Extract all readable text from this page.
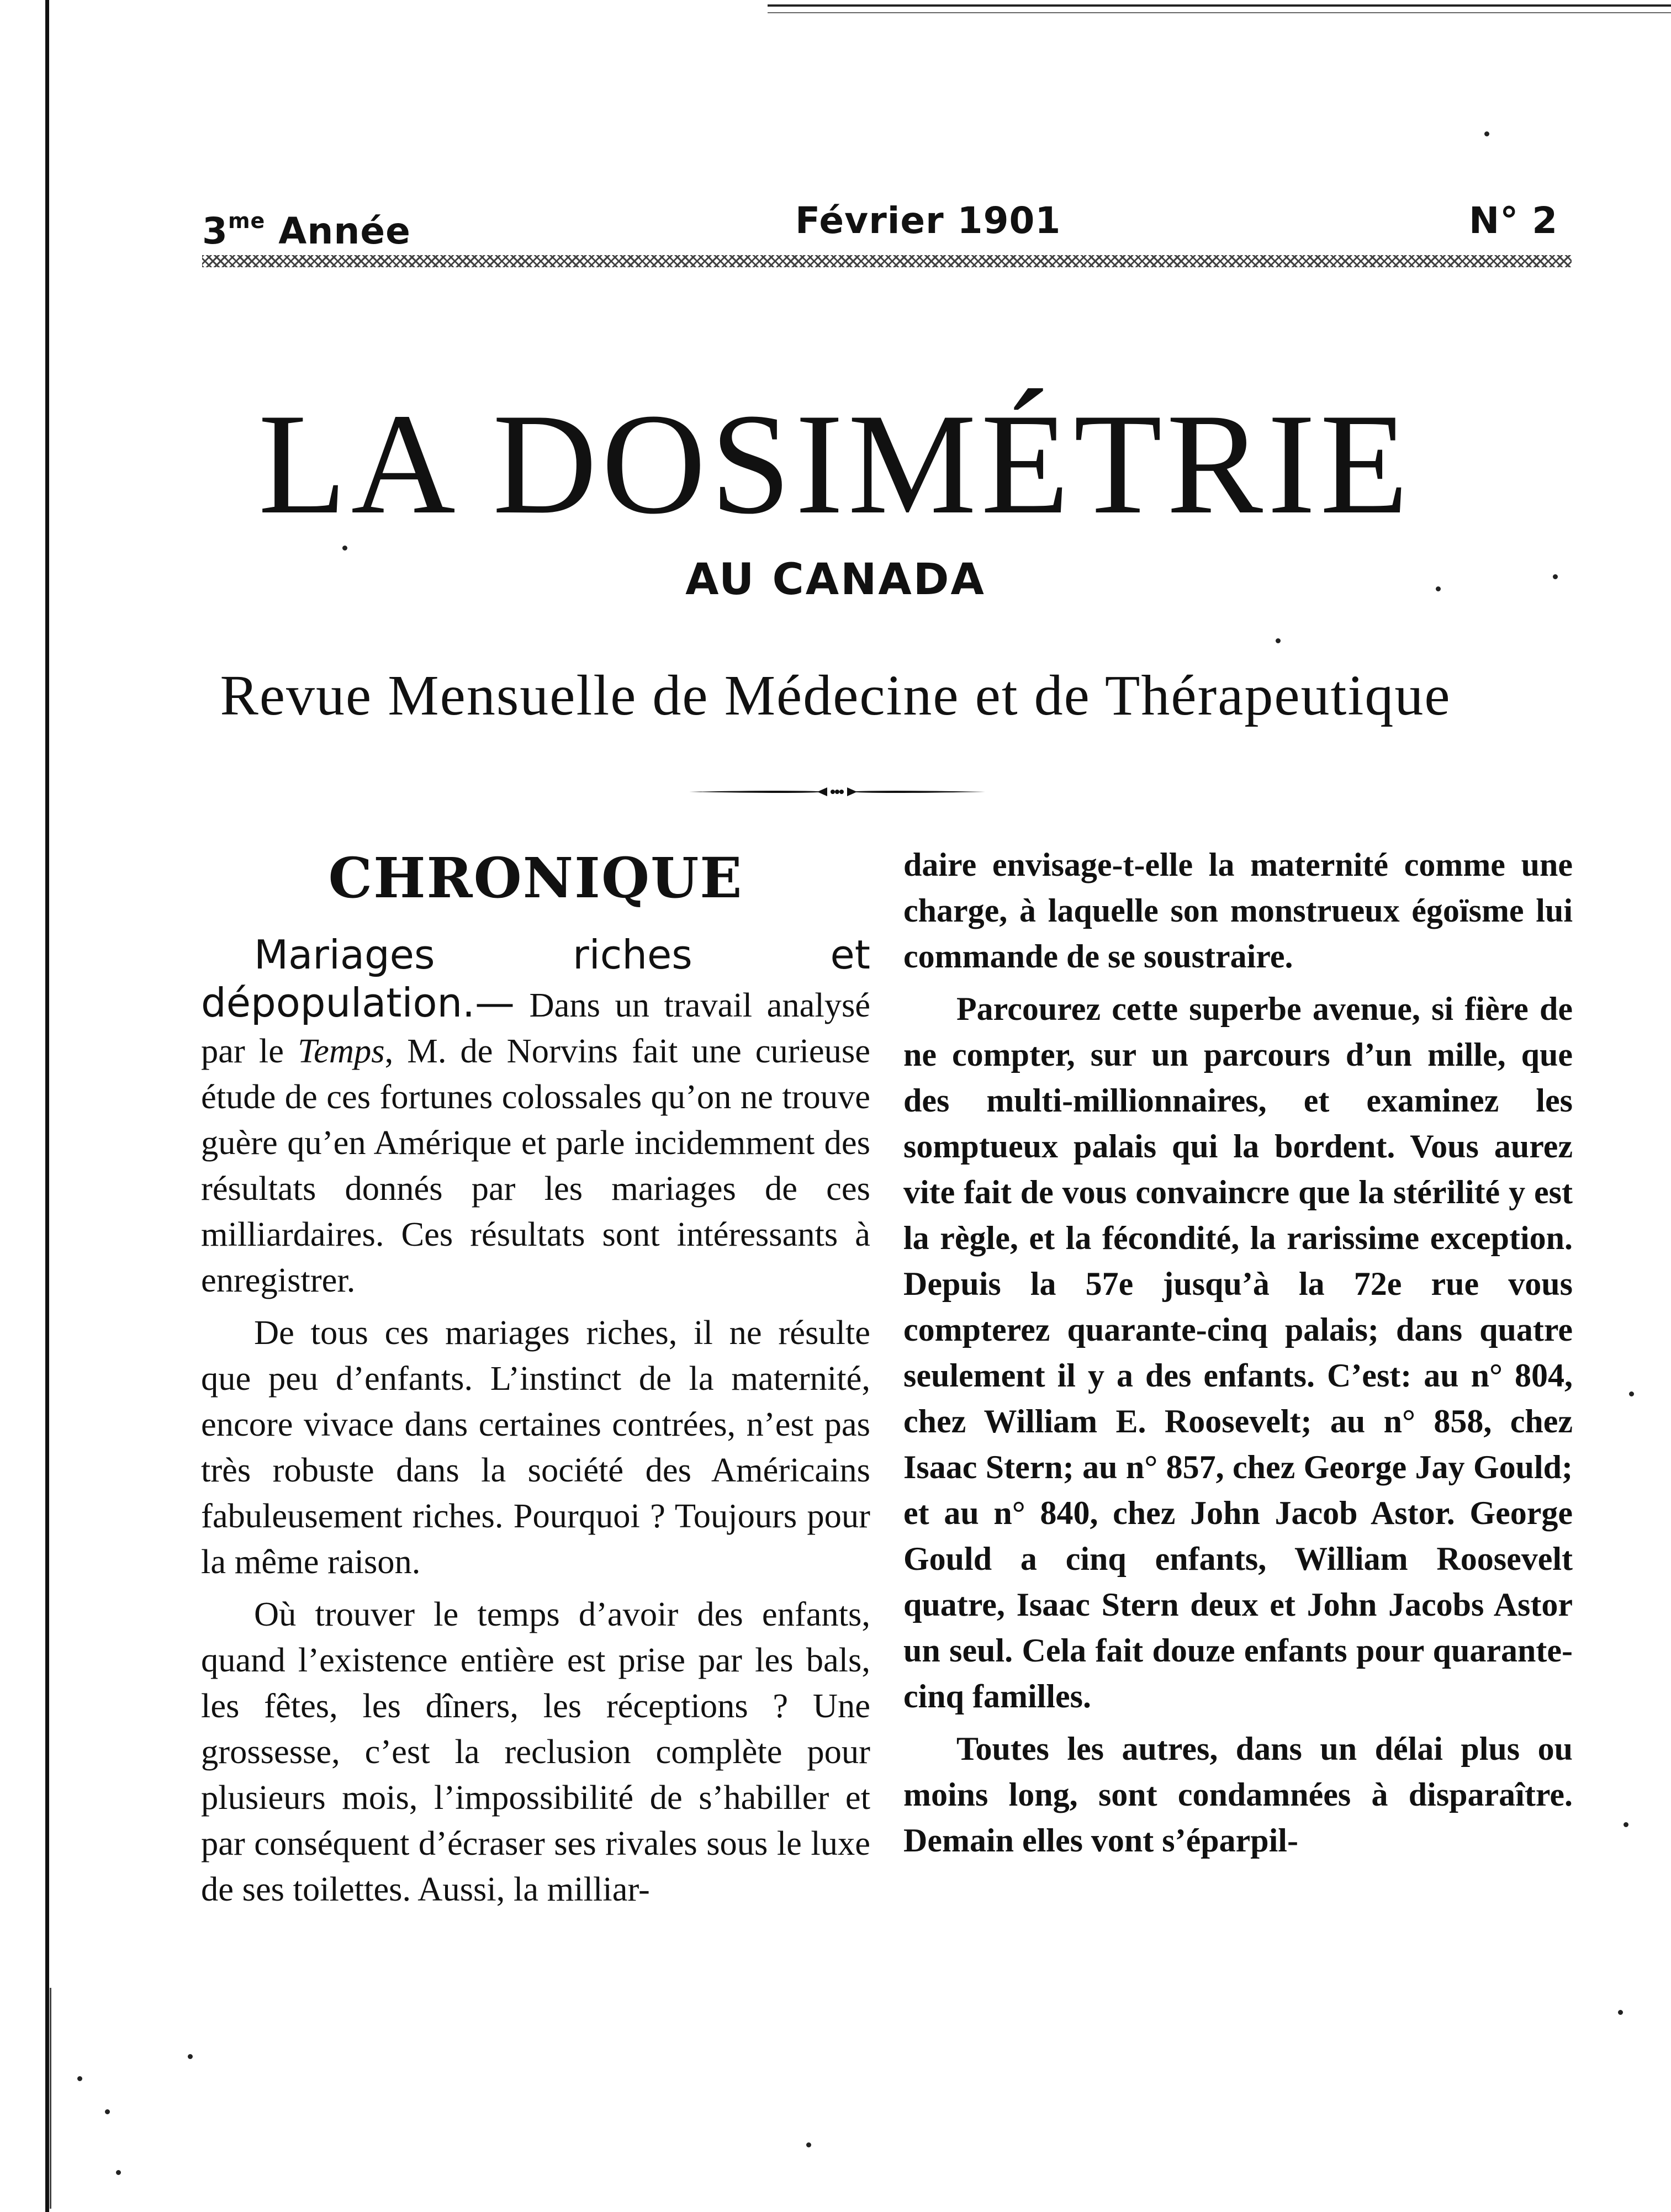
$3^{me}$ Année	Février 1901	N° 2
LA DOSIMÉTRIE
AU CANADA
Revue Mensuelle de Médecine et de Thérapeutique
CHRONIQUE

Mariages riches et dépopulation.— Dans un travail analysé par le Temps, M. de Norvins fait une curieuse étude de ces fortunes colossales qu’on ne trouve guère qu’en Amérique et parle incidemment des résultats donnés par les mariages de ces milliardaires. Ces résultats sont intéressants à enregistrer.

De tous ces mariages riches, il ne résulte que peu d’enfants. L’instinct de la maternité, encore vivace dans certaines contrées, n’est pas très robuste dans la société des Américains fabuleusement riches. Pourquoi ? Toujours pour la même raison.

Où trouver le temps d’avoir des enfants, quand l’existence entière est prise par les bals, les fêtes, les dîners, les réceptions ? Une grossesse, c’est la reclusion complète pour plusieurs mois, l’impossibilité de s’habiller et par conséquent d’écraser ses rivales sous le luxe de ses toilettes. Aussi, la milliar-

daire envisage-t-elle la maternité comme une charge, à laquelle son monstrueux égoïsme lui commande de se soustraire.

Parcourez cette superbe avenue, si fière de ne compter, sur un parcours d’un mille, que des multi-millionnaires, et examinez les somptueux palais qui la bordent. Vous aurez vite fait de vous convaincre que la stérilité y est la règle, et la fécondité, la rarissime exception. Depuis la 57e jusqu’à la 72e rue vous compterez quarante-cinq palais; dans quatre seulement il y a des enfants. C’est: au n° 804, chez William E. Roosevelt; au n° 858, chez Isaac Stern; au n° 857, chez George Jay Gould; et au n° 840, chez John Jacob Astor. George Gould a cinq enfants, William Roosevelt quatre, Isaac Stern deux et John Jacobs Astor un seul. Cela fait douze enfants pour quarante-cinq familles.

Toutes les autres, dans un délai plus ou moins long, sont condamnées à disparaître. Demain elles vont s’éparpil-
